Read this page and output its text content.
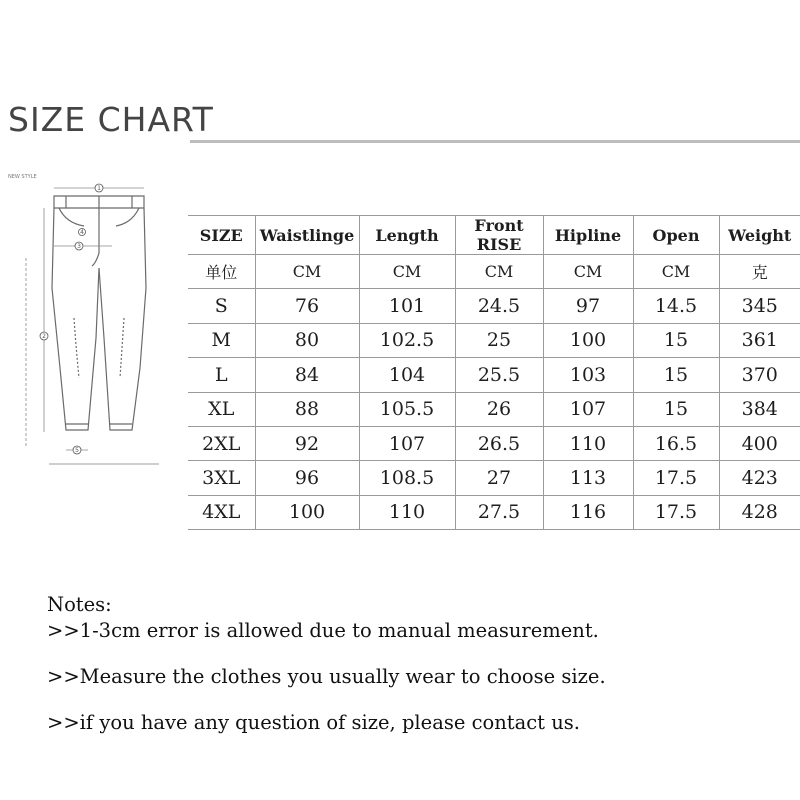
SIZE CHART
NEW STYLE
1
2
3
4
5
SIZE	Waistlinge	Length	Front RISE	Hipline	Open	Weight
单位	CM	CM	CM	CM	CM	克
S	76	101	24.5	97	14.5	345
M	80	102.5	25	100	15	361
L	84	104	25.5	103	15	370
XL	88	105.5	26	107	15	384
2XL	92	107	26.5	110	16.5	400
3XL	96	108.5	27	113	17.5	423
4XL	100	110	27.5	116	17.5	428

Notes:

>>1-3cm error is allowed due to manual measurement.

>>Measure the clothes you usually wear to choose size.

>>if you have any question of size, please contact us.
